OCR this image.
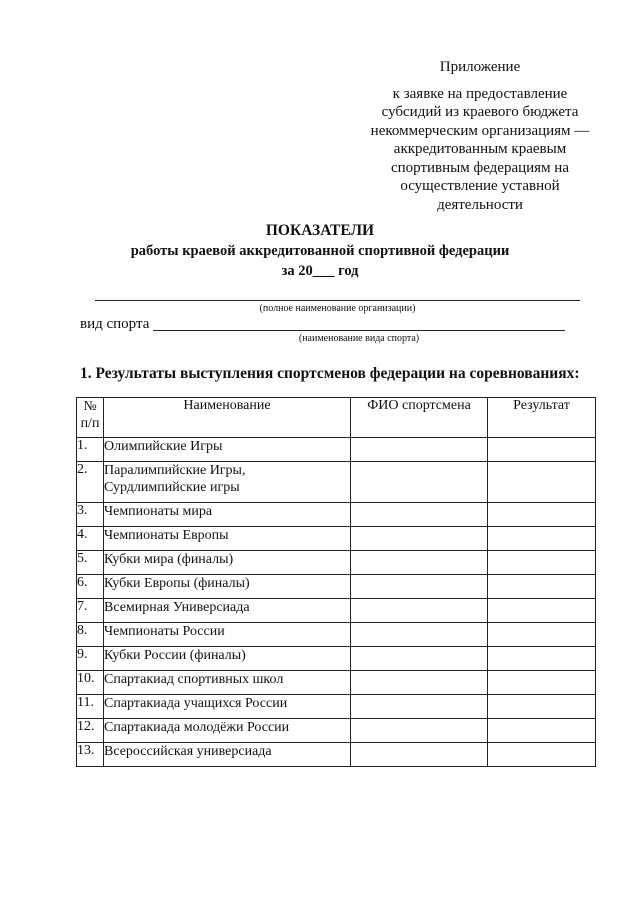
Приложение
к заявке на предоставление
субсидий из краевого бюджета
некоммерческим организациям —
аккредитованным краевым
спортивным федерациям на
осуществление уставной
деятельности
ПОКАЗАТЕЛИ
работы краевой аккредитованной спортивной федерации
за 20___ год
(полное наименование организации)
вид спорта
(наименование вида спорта)
1. Результаты выступления спортсменов федерации на соревнованиях:
№
п/п	Наименование	ФИО спортсмена	Результат
1.	Олимпийские Игры		
2.	Паралимпийские Игры,
Сурдлимпийские игры		

3.	Чемпионаты мира		
4.	Чемпионаты Европы		
5.	Кубки мира (финалы)		
6.	Кубки Европы (финалы)		
7.	Всемирная Универсиада		
8.	Чемпионаты России		
9.	Кубки России (финалы)		
10.	Спартакиад спортивных школ		
11.	Спартакиада учащихся России		
12.	Спартакиада молодёжи России		
13.	Всероссийская универсиада		
